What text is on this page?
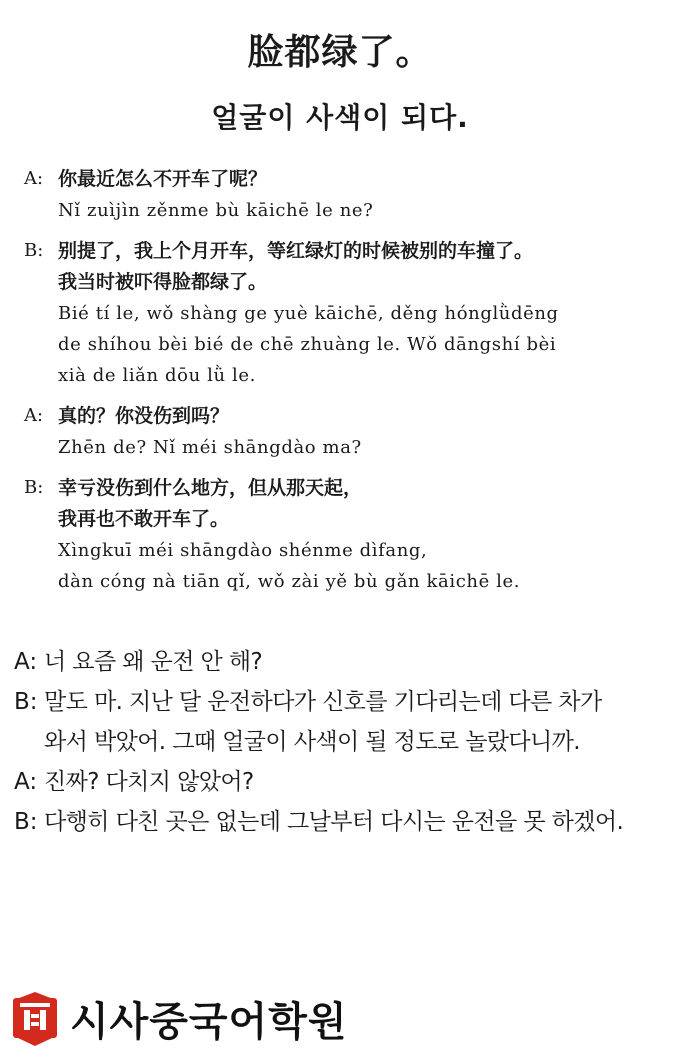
脸都绿了。
얼굴이 사색이 되다.
A: 你最近怎么不开车了呢？
Nǐ zuìjìn zěnme bù kāichē le ne?
B: 别提了，我上个月开车，等红绿灯的时候被别的车撞了。
我当时被吓得脸都绿了。
Bié tí le, wǒ shàng ge yuè kāichē, děng hónglǜdēng
de shíhou bèi bié de chē zhuàng le. Wǒ dāngshí bèi
xià de liǎn dōu lǜ le.
A: 真的？你没伤到吗？
Zhēn de? Nǐ méi shāngdào ma?
B: 幸亏没伤到什么地方，但从那天起，
我再也不敢开车了。
Xìngkuī méi shāngdào shénme dìfang,
dàn cóng nà tiān qǐ, wǒ zài yě bù gǎn kāichē le.
A: 너 요즘 왜 운전 안 해?
B: 말도 마. 지난 달 운전하다가 신호를 기다리는데 다른 차가
와서 박았어. 그때 얼굴이 사색이 될 정도로 놀랐다니까.
A: 진짜? 다치지 않았어?
B: 다행히 다친 곳은 없는데 그날부터 다시는 운전을 못 하겠어.
시사중국어학원
